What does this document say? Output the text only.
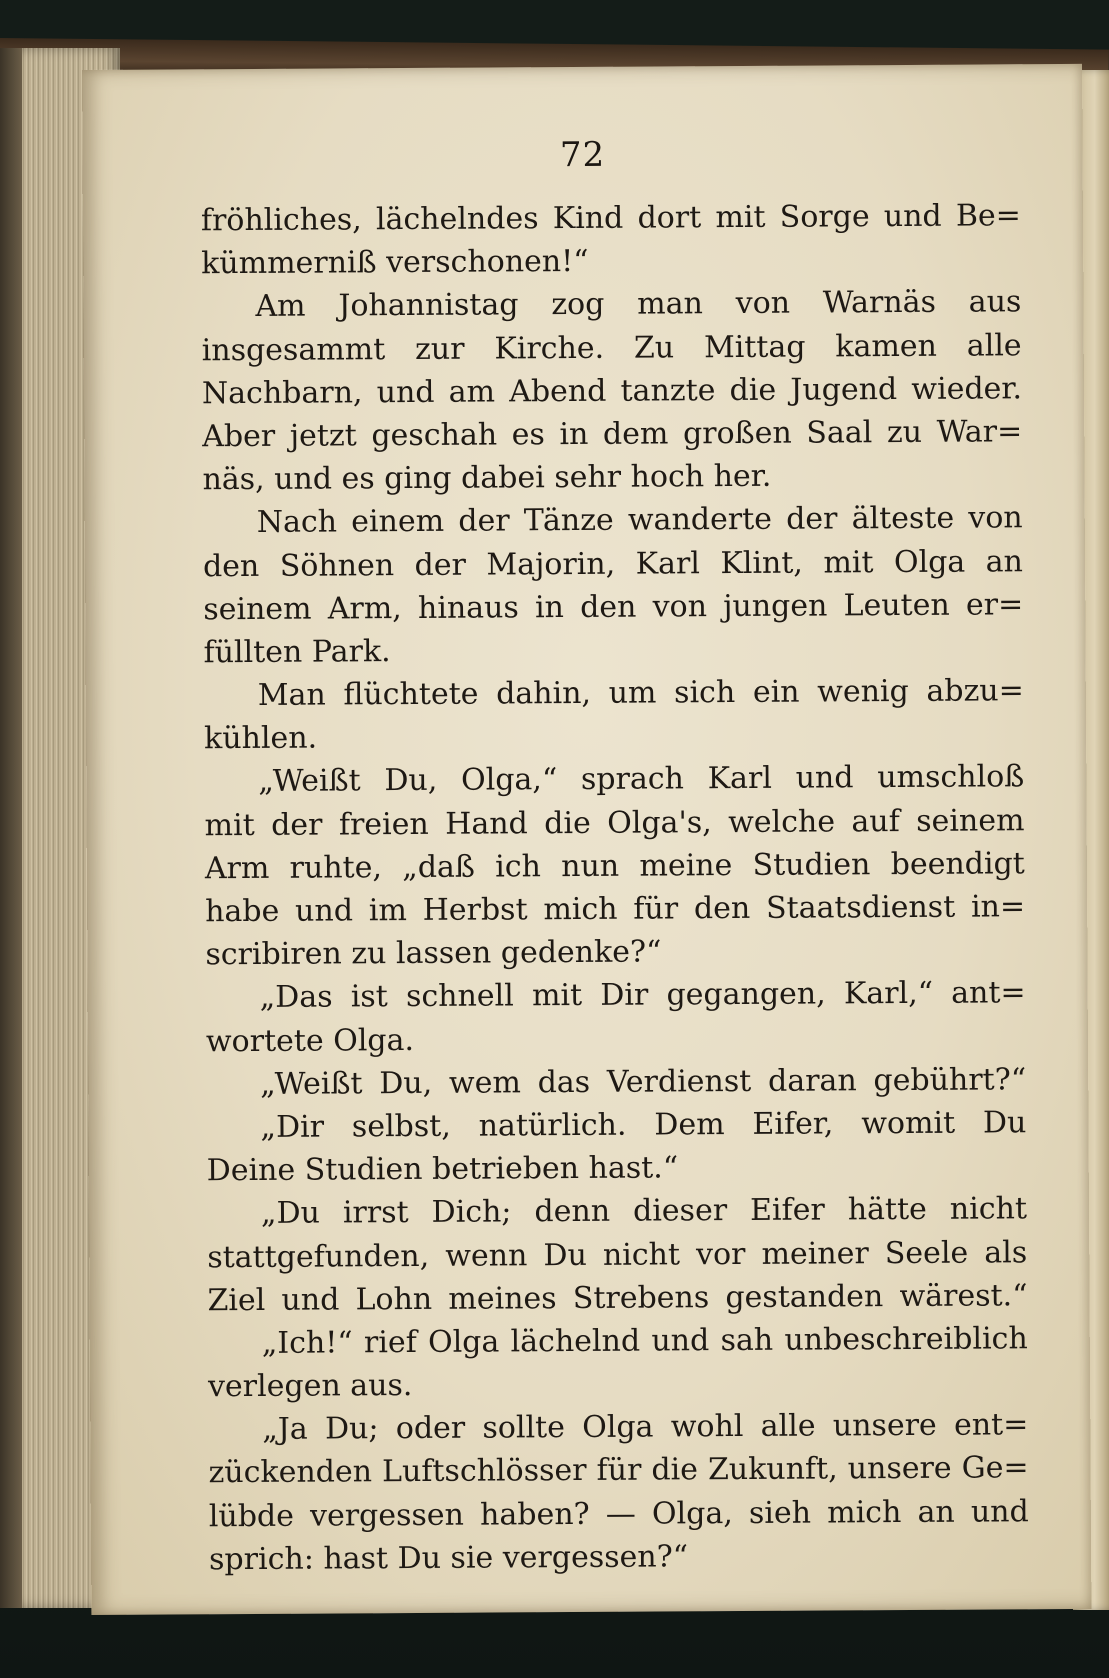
72
fröhliches, lächelndes Kind dort mit Sorge und Be=
kümmerniß verschonen!“
Am Johannistag zog man von Warnäs aus
insgesammt zur Kirche. Zu Mittag kamen alle
Nachbarn, und am Abend tanzte die Jugend wieder.
Aber jetzt geschah es in dem großen Saal zu War=
näs, und es ging dabei sehr hoch her.
Nach einem der Tänze wanderte der älteste von
den Söhnen der Majorin, Karl Klint, mit Olga an
seinem Arm, hinaus in den von jungen Leuten er=
füllten Park.
Man flüchtete dahin, um sich ein wenig abzu=
kühlen.
„Weißt Du, Olga,“ sprach Karl und umschloß
mit der freien Hand die Olga's, welche auf seinem
Arm ruhte, „daß ich nun meine Studien beendigt
habe und im Herbst mich für den Staatsdienst in=
scribiren zu lassen gedenke?“
„Das ist schnell mit Dir gegangen, Karl,“ ant=
wortete Olga.
„Weißt Du, wem das Verdienst daran gebührt?“
„Dir selbst, natürlich. Dem Eifer, womit Du
Deine Studien betrieben hast.“
„Du irrst Dich; denn dieser Eifer hätte nicht
stattgefunden, wenn Du nicht vor meiner Seele als
Ziel und Lohn meines Strebens gestanden wärest.“
„Ich!“ rief Olga lächelnd und sah unbeschreiblich
verlegen aus.
„Ja Du; oder sollte Olga wohl alle unsere ent=
zückenden Luftschlösser für die Zukunft, unsere Ge=
lübde vergessen haben? — Olga, sieh mich an und
sprich: hast Du sie vergessen?“
